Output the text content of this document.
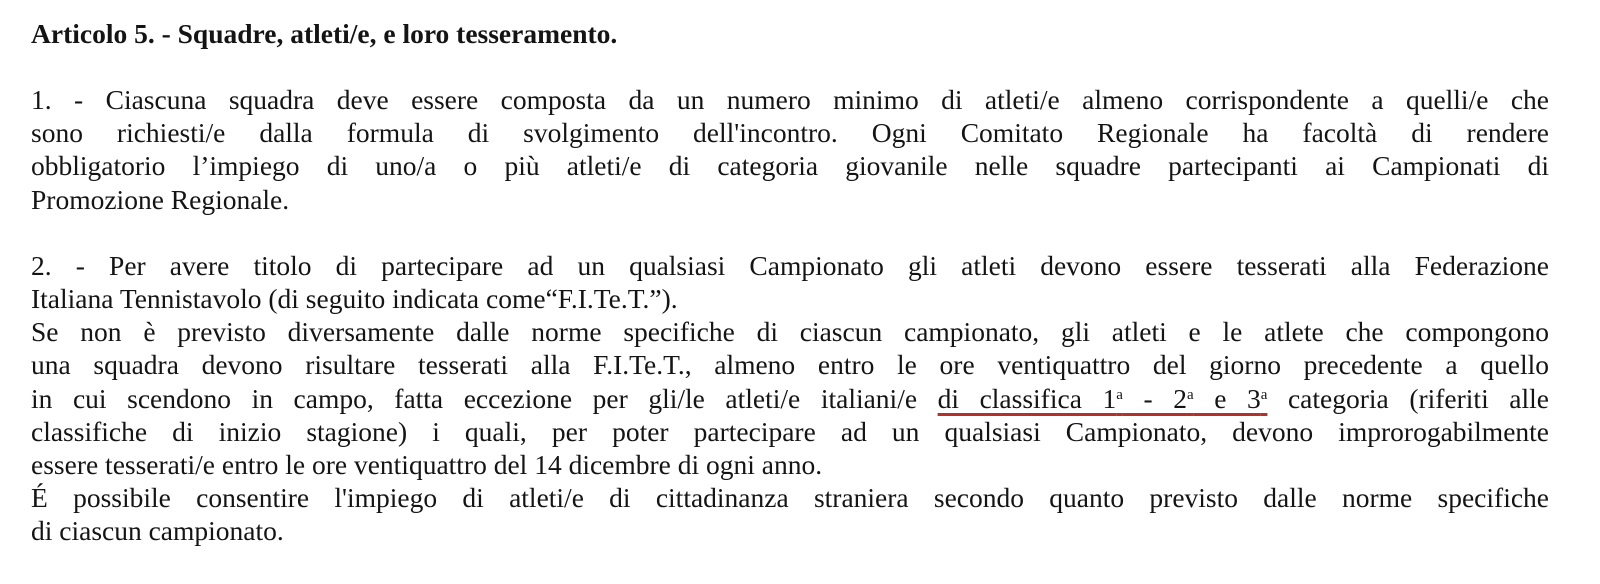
Articolo 5. - Squadre, atleti/e, e loro tesseramento.

1. - Ciascuna squadra deve essere composta da un numero minimo di atleti/e almeno corrispondente a quelli/e che
sono richiesti/e dalla formula di svolgimento dell'incontro. Ogni Comitato Regionale ha facoltà di rendere
obbligatorio l’impiego di uno/a o più atleti/e di categoria giovanile nelle squadre partecipanti ai Campionati di
Promozione Regionale.

2. - Per avere titolo di partecipare ad un qualsiasi Campionato gli atleti devono essere tesserati alla Federazione
Italiana Tennistavolo (di seguito indicata come“F.I.Te.T.”).
Se non è previsto diversamente dalle norme specifiche di ciascun campionato, gli atleti e le atlete che compongono
una squadra devono risultare tesserati alla F.I.Te.T., almeno entro le ore ventiquattro del giorno precedente a quello
in cui scendono in campo, fatta eccezione per gli/le atleti/e italiani/e di classifica 1$^a$ - 2$^a$ e 3$^a$ categoria (riferiti alle
classifiche di inizio stagione) i quali, per poter partecipare ad un qualsiasi Campionato, devono improrogabilmente
essere tesserati/e entro le ore ventiquattro del 14 dicembre di ogni anno.
É possibile consentire l'impiego di atleti/e di cittadinanza straniera secondo quanto previsto dalle norme specifiche
di ciascun campionato.
